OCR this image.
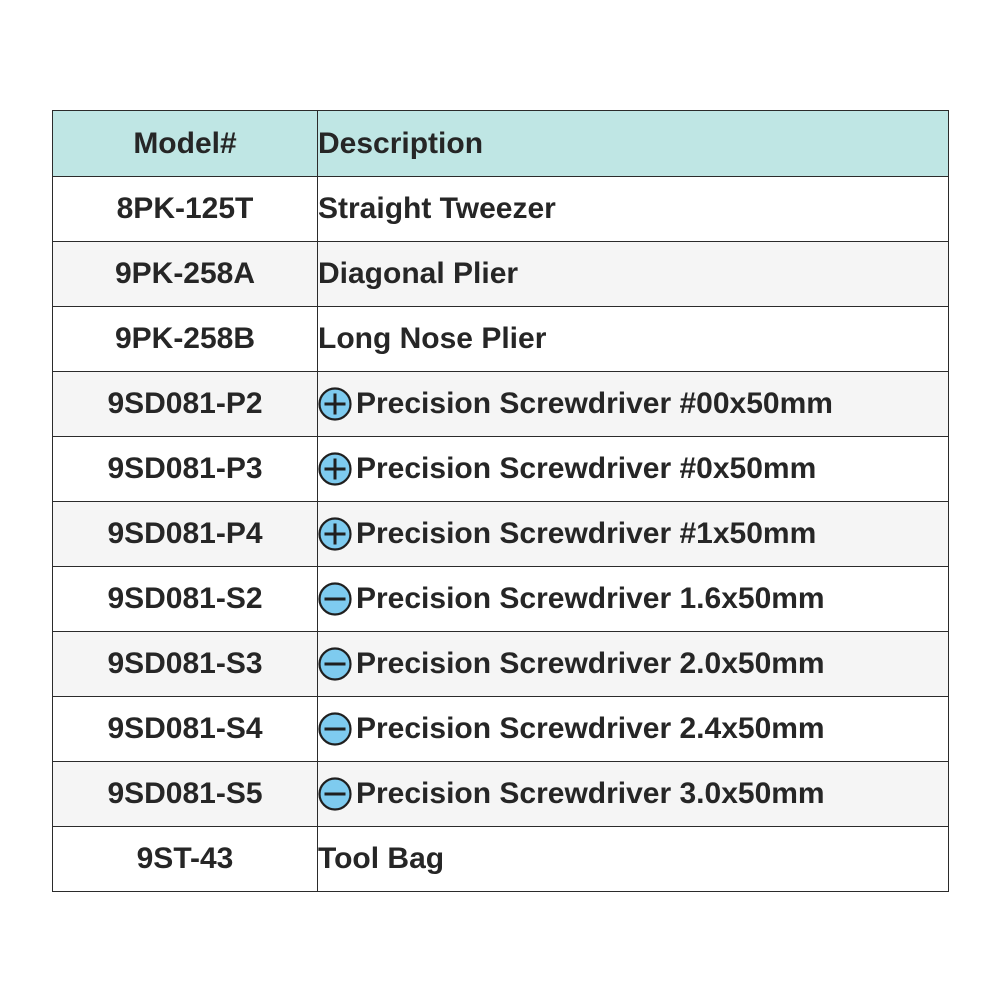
Model#	Description
8PK-125T	Straight Tweezer

9PK-258A	Diagonal Plier

9PK-258B	Long Nose Plier

9SD081-P2	Precision Screwdriver #00x50mm

9SD081-P3	Precision Screwdriver #0x50mm

9SD081-P4	Precision Screwdriver #1x50mm

9SD081-S2	Precision Screwdriver 1.6x50mm

9SD081-S3	Precision Screwdriver 2.0x50mm

9SD081-S4	Precision Screwdriver 2.4x50mm

9SD081-S5	Precision Screwdriver 3.0x50mm

9ST-43	Tool Bag
